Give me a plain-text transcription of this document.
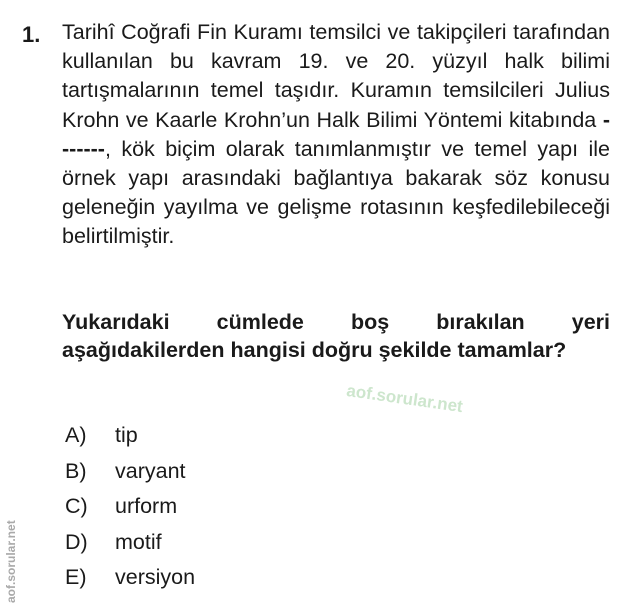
1. Tarihî Coğrafi Fin Kuramı temsilci ve takipçileri tarafından kullanılan bu kavram 19. ve 20. yüzyıl halk bilimi tartışmalarının temel taşıdır. Kuramın temsilcileri Julius Krohn ve Kaarle Krohn’un Halk Bilimi Yöntemi kitabında -------, kök biçim olarak tanımlanmıştır ve temel yapı ile örnek yapı arasındaki bağlantıya bakarak söz konusu geleneğin yayılma ve gelişme rotasının keşfedilebileceği belirtilmiştir.

Yukarıdaki cümlede boş bırakılan yeri aşağıdakilerden hangisi doğru şekilde tamamlar?

A)	tip
B)	varyant
C)	urform
D)	motif
E)	versiyon
aof.sorular.net
aof.sorular.net
